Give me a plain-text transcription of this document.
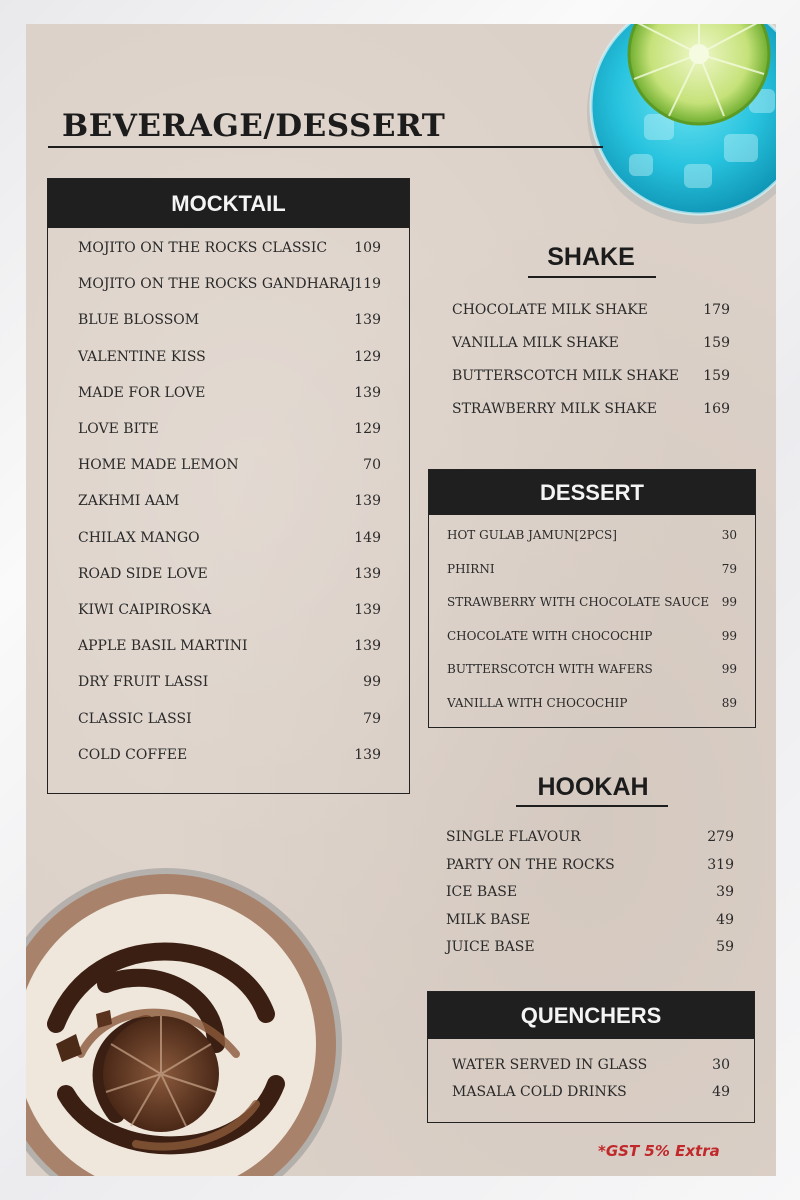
BEVERAGE/DESSERT
MOCKTAIL
MOJITO ON THE ROCKS CLASSIC 109
MOJITO ON THE ROCKS GANDHARAJ 119
BLUE BLOSSOM	139
VALENTINE KISS	129
MADE FOR LOVE	139
LOVE BITE	129
HOME MADE LEMON	70
ZAKHMI AAM	139
CHILAX MANGO	149
ROAD SIDE LOVE	139
KIWI CAIPIROSKA	139
APPLE BASIL MARTINI	139
DRY FRUIT LASSI	99
CLASSIC LASSI	79
COLD COFFEE	139
SHAKE
CHOCOLATE MILK SHAKE	179
VANILLA MILK SHAKE	159
BUTTERSCOTCH MILK SHAKE 159
STRAWBERRY MILK SHAKE	169
DESSERT
HOT GULAB JAMUN[2PCS]	30
PHIRNI	79
STRAWBERRY WITH CHOCOLATE SAUCE 99
CHOCOLATE WITH CHOCOCHIP	99
BUTTERSCOTCH WITH WAFERS	99
VANILLA WITH CHOCOCHIP	89
HOOKAH
SINGLE FLAVOUR	279
PARTY ON THE ROCKS	319
ICE BASE	39
MILK BASE	49
JUICE BASE	59
QUENCHERS
WATER SERVED IN GLASS	30
MASALA COLD DRINKS	49
*GST 5% Extra
